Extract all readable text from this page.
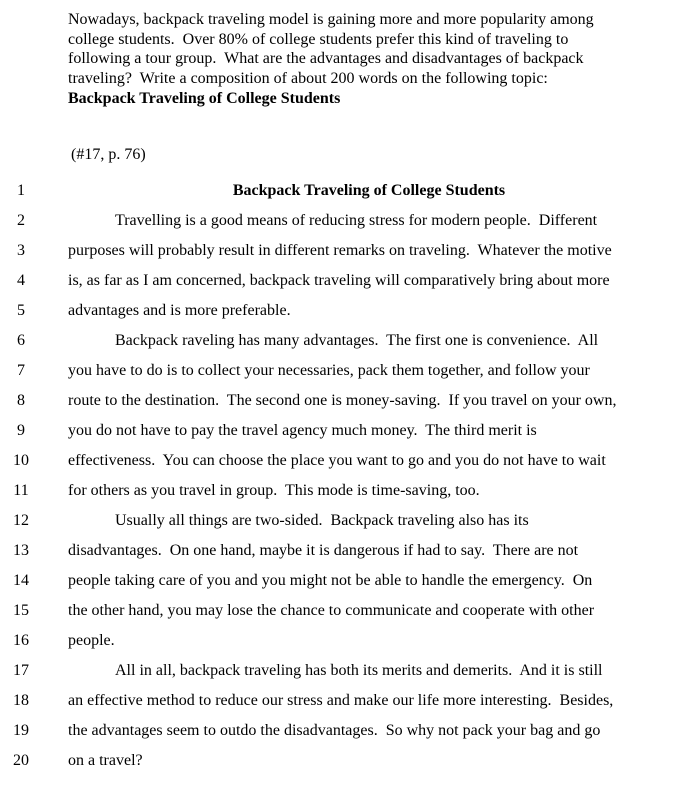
Nowadays, backpack traveling model is gaining more and more popularity among
college students.  Over 80% of college students prefer this kind of traveling to
following a tour group.  What are the advantages and disadvantages of backpack
traveling?  Write a composition of about 200 words on the following topic:
Backpack Traveling of College Students
(#17, p. 76)
1	Backpack Traveling of College Students
2	Travelling is a good means of reducing stress for modern people.  Different
3	purposes will probably result in different remarks on traveling.  Whatever the motive
4	is, as far as I am concerned, backpack traveling will comparatively bring about more
5	advantages and is more preferable.
6	Backpack raveling has many advantages.  The first one is convenience.  All
7	you have to do is to collect your necessaries, pack them together, and follow your
8	route to the destination.  The second one is money-saving.  If you travel on your own,
9	you do not have to pay the travel agency much money.  The third merit is
10	effectiveness.  You can choose the place you want to go and you do not have to wait
11	for others as you travel in group.  This mode is time-saving, too.
12	Usually all things are two-sided.  Backpack traveling also has its
13	disadvantages.  On one hand, maybe it is dangerous if had to say.  There are not
14	people taking care of you and you might not be able to handle the emergency.  On
15	the other hand, you may lose the chance to communicate and cooperate with other
16	people.
17	All in all, backpack traveling has both its merits and demerits.  And it is still
18	an effective method to reduce our stress and make our life more interesting.  Besides,
19	the advantages seem to outdo the disadvantages.  So why not pack your bag and go
20	on a travel?
